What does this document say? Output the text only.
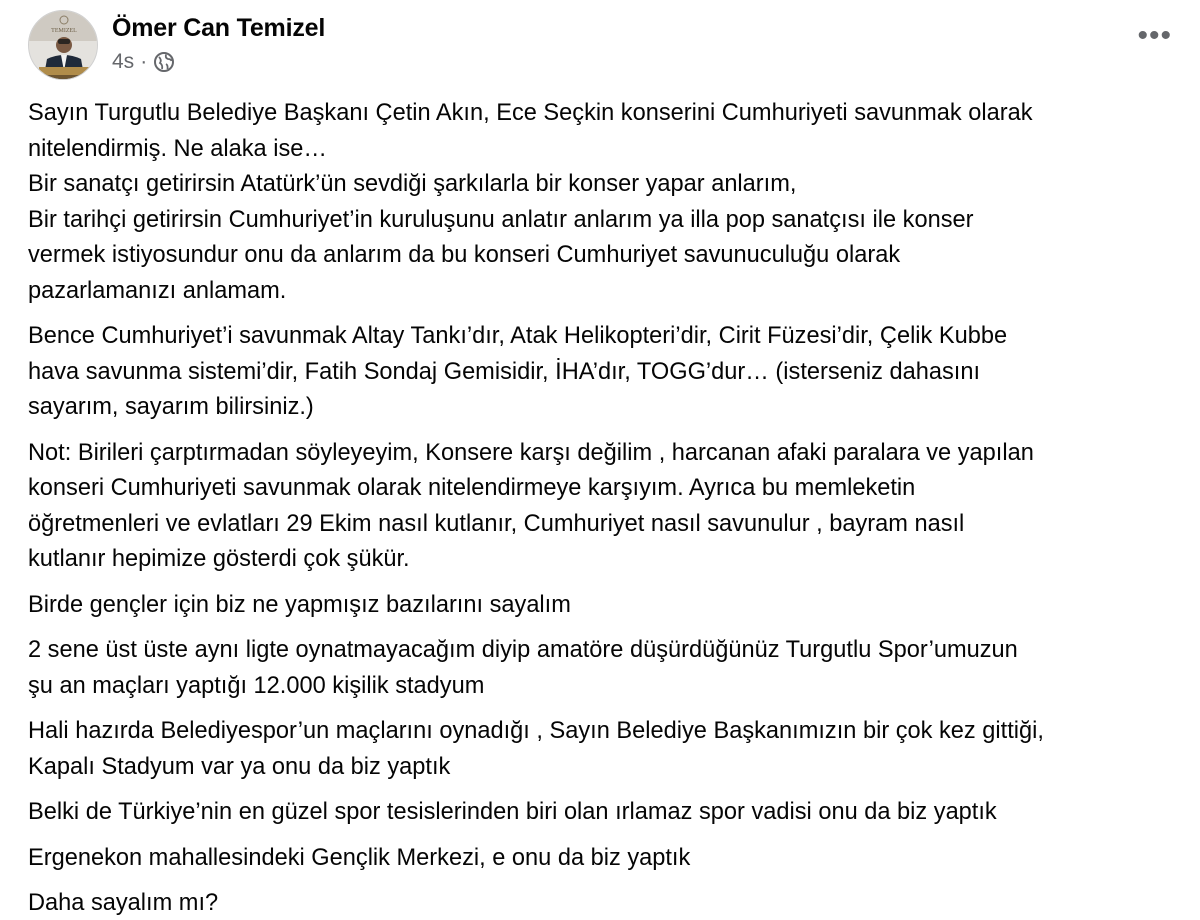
TEMIZEL Ömer Can Temizel
4s ·
•••
Sayın Turgutlu Belediye Başkanı Çetin Akın, Ece Seçkin konserini Cumhuriyeti savunmak olarak
nitelendirmiş. Ne alaka ise…
Bir sanatçı getirirsin Atatürk’ün sevdiği şarkılarla bir konser yapar anlarım,
Bir tarihçi getirirsin Cumhuriyet’in kuruluşunu anlatır anlarım ya illa pop sanatçısı ile konser
vermek istiyosundur onu da anlarım da bu konseri Cumhuriyet savunuculuğu olarak
pazarlamanızı anlamam.
Bence Cumhuriyet’i savunmak Altay Tankı’dır, Atak Helikopteri’dir, Cirit Füzesi’dir, Çelik Kubbe
hava savunma sistemi’dir, Fatih Sondaj Gemisidir, İHA’dır, TOGG’dur… (isterseniz dahasını
sayarım, sayarım bilirsiniz.)
Not: Birileri çarptırmadan söyleyeyim, Konsere karşı değilim , harcanan afaki paralara ve yapılan
konseri Cumhuriyeti savunmak olarak nitelendirmeye karşıyım. Ayrıca bu memleketin
öğretmenleri ve evlatları 29 Ekim nasıl kutlanır, Cumhuriyet nasıl savunulur , bayram nasıl
kutlanır hepimize gösterdi çok şükür.
Birde gençler için biz ne yapmışız bazılarını sayalım
2 sene üst üste aynı ligte oynatmayacağım diyip amatöre düşürdüğünüz Turgutlu Spor’umuzun
şu an maçları yaptığı 12.000 kişilik stadyum
Hali hazırda Belediyespor’un maçlarını oynadığı , Sayın Belediye Başkanımızın bir çok kez gittiği,
Kapalı Stadyum var ya onu da biz yaptık
Belki de Türkiye’nin en güzel spor tesislerinden biri olan ırlamaz spor vadisi onu da biz yaptık
Ergenekon mahallesindeki Gençlik Merkezi, e onu da biz yaptık
Daha sayalım mı?
